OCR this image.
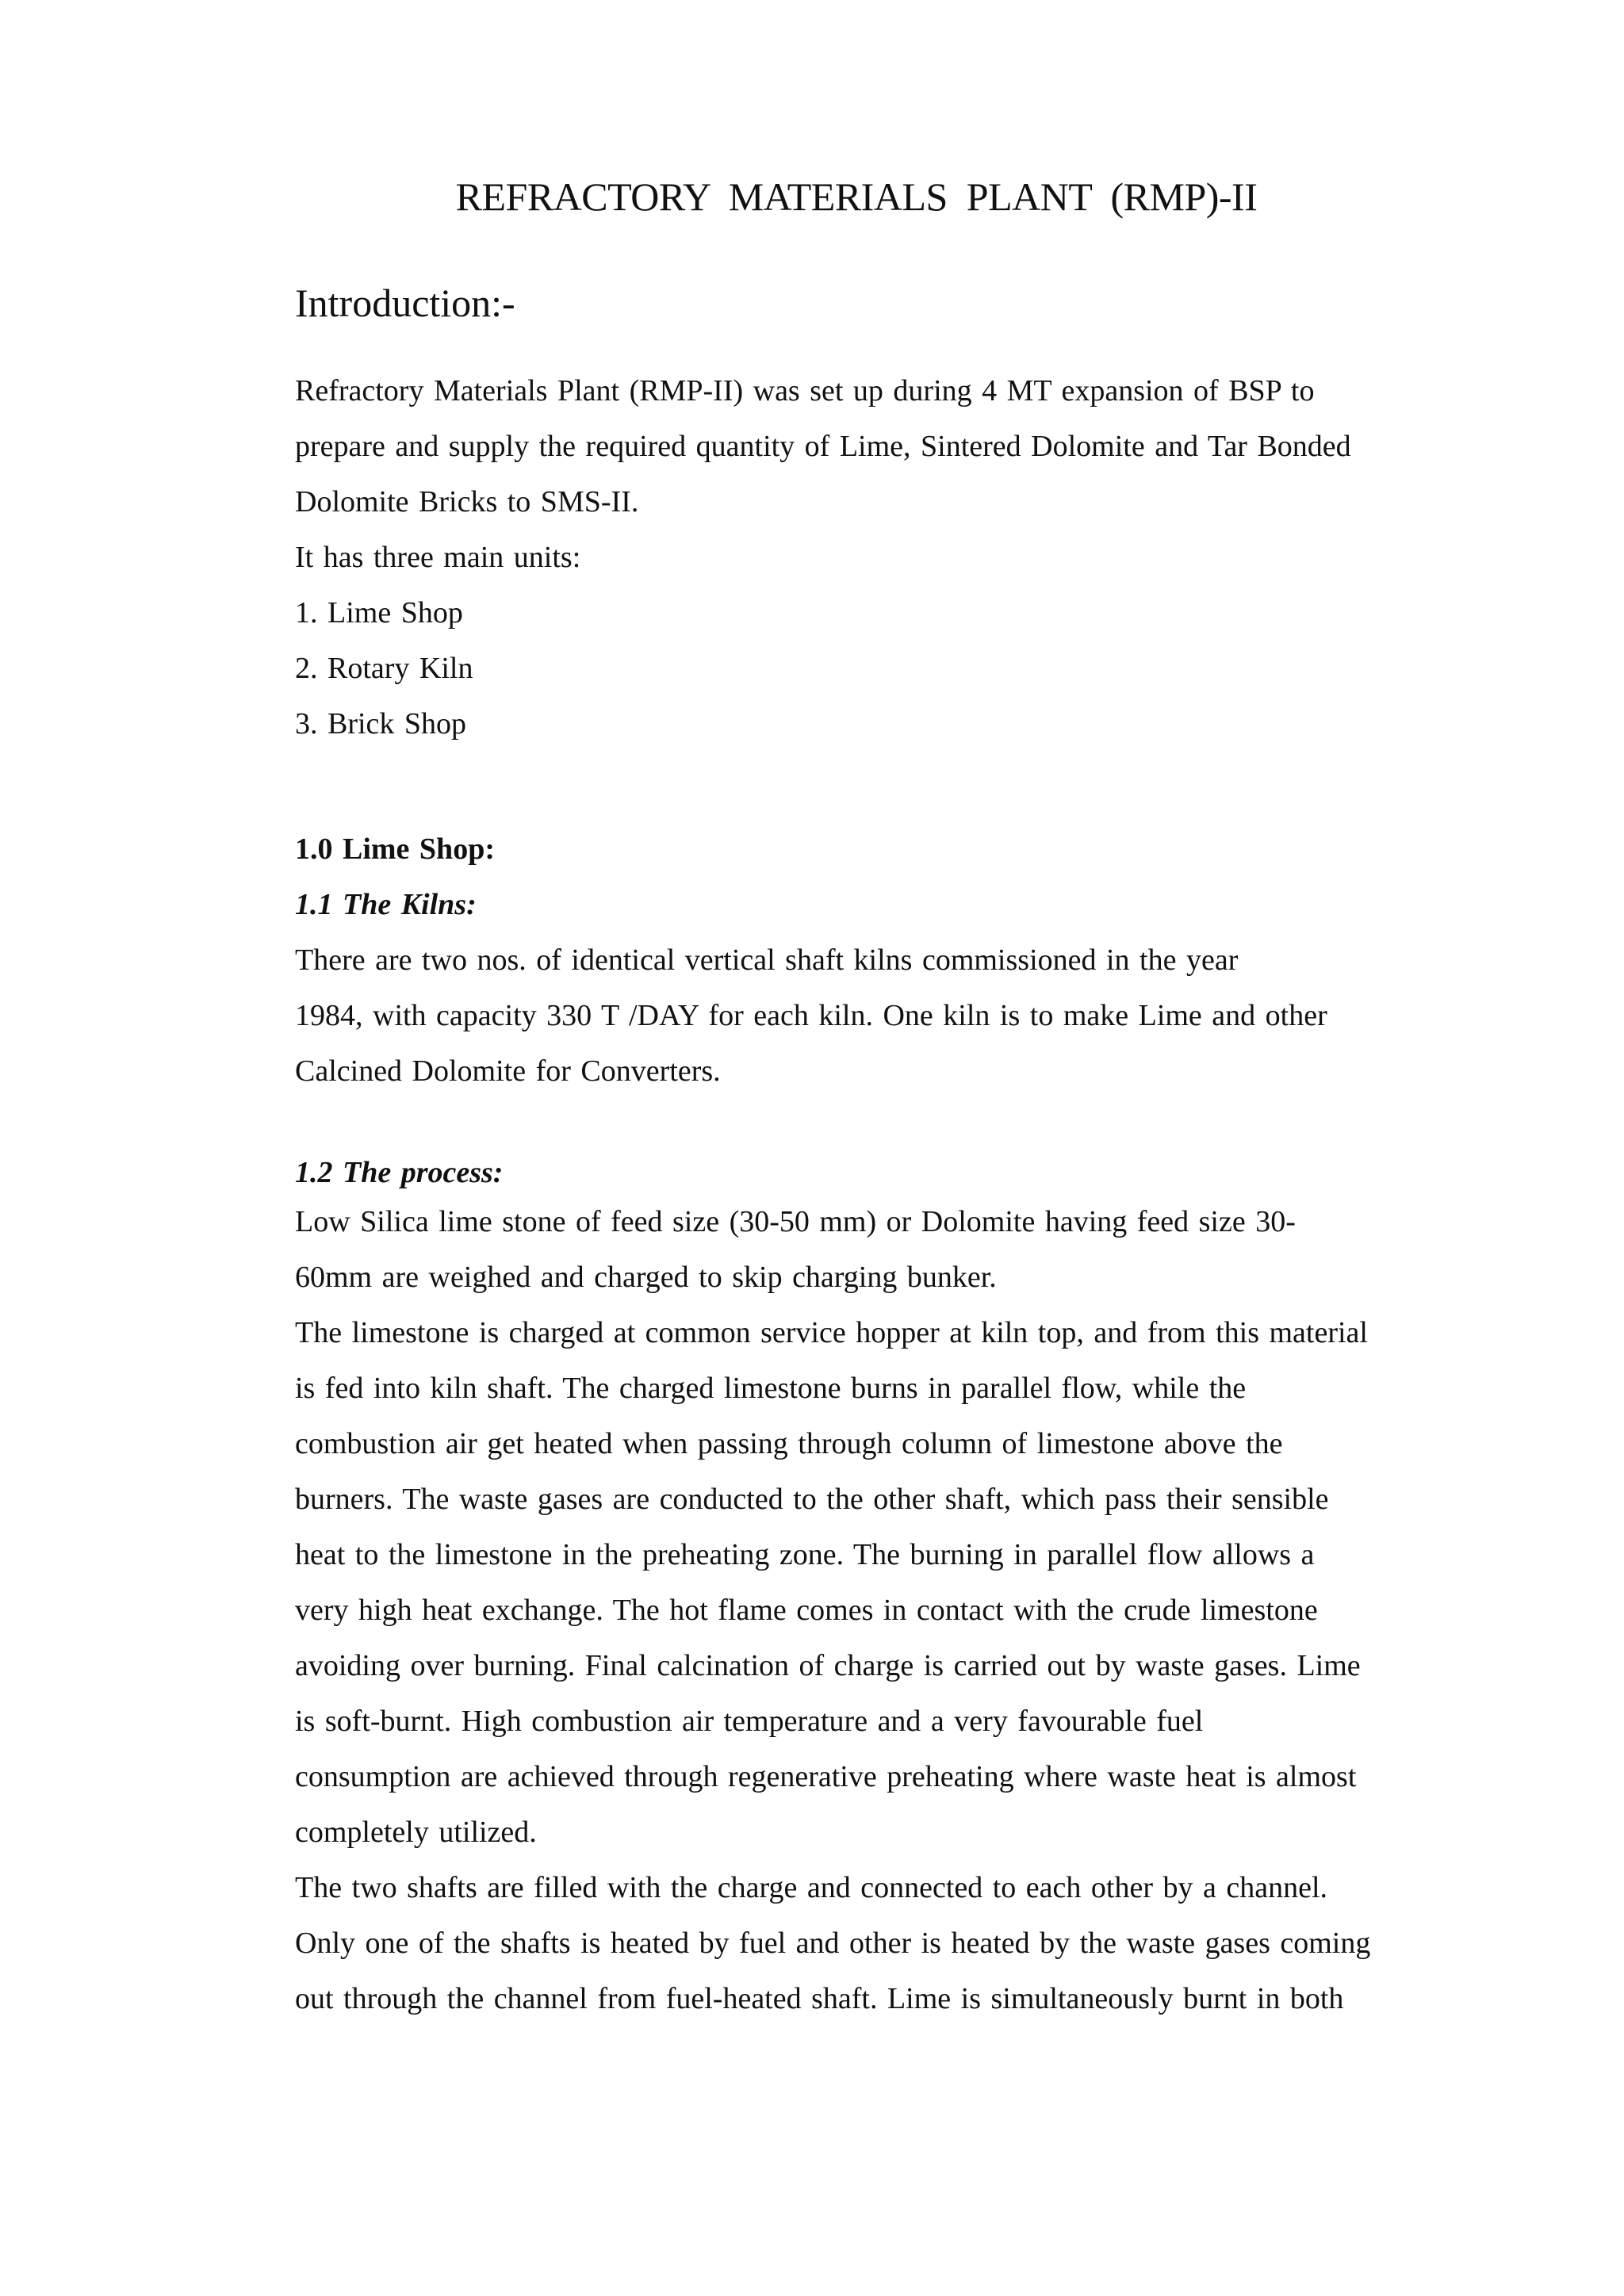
REFRACTORY MATERIALS PLANT (RMP)-II
Introduction:-
Refractory Materials Plant (RMP-II) was set up during 4 MT expansion of BSP to
prepare and supply the required quantity of Lime, Sintered Dolomite and Tar Bonded
Dolomite Bricks to SMS-II.
It has three main units:
1. Lime Shop
2. Rotary Kiln
3. Brick Shop
1.0 Lime Shop:
1.1 The Kilns:
There are two nos. of identical vertical shaft kilns commissioned in the year
1984, with capacity 330 T /DAY for each kiln. One kiln is to make Lime and other
Calcined Dolomite for Converters.
1.2 The process:
Low Silica lime stone of feed size (30-50 mm) or Dolomite having feed size 30-
60mm are weighed and charged to skip charging bunker.
The limestone is charged at common service hopper at kiln top, and from this material
is fed into kiln shaft. The charged limestone burns in parallel flow, while the
combustion air get heated when passing through column of limestone above the
burners. The waste gases are conducted to the other shaft, which pass their sensible
heat to the limestone in the preheating zone. The burning in parallel flow allows a
very high heat exchange. The hot flame comes in contact with the crude limestone
avoiding over burning. Final calcination of charge is carried out by waste gases. Lime
is soft-burnt. High combustion air temperature and a very favourable fuel
consumption are achieved through regenerative preheating where waste heat is almost
completely utilized.
The two shafts are filled with the charge and connected to each other by a channel.
Only one of the shafts is heated by fuel and other is heated by the waste gases coming
out through the channel from fuel-heated shaft. Lime is simultaneously burnt in both
